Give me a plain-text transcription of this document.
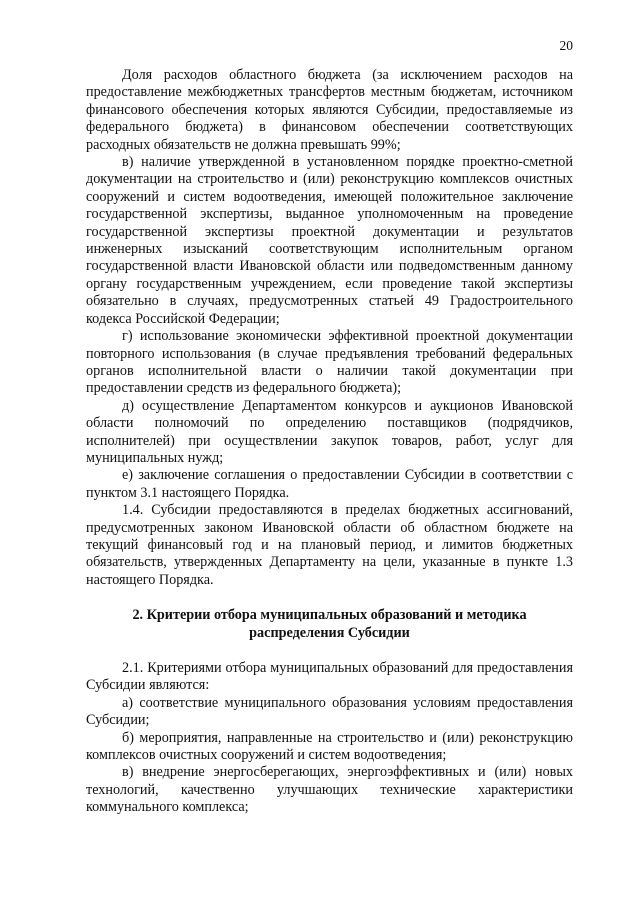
20

Доля расходов областного бюджета (за исключением расходов на предоставление межбюджетных трансфертов местным бюджетам, источником финансового обеспечения которых являются Субсидии, предоставляемые из федерального бюджета) в финансовом обеспечении соответствующих расходных обязательств не должна превышать 99%;

в) наличие утвержденной в установленном порядке проектно-сметной документации на строительство и (или) реконструкцию комплексов очистных сооружений и систем водоотведения, имеющей положительное заключение государственной экспертизы, выданное уполномоченным на проведение государственной экспертизы проектной документации и результатов инженерных изысканий соответствующим исполнительным органом государственной власти Ивановской области или подведомственным данному органу государственным учреждением, если проведение такой экспертизы обязательно в случаях, предусмотренных статьей 49 Градостроительного кодекса Российской Федерации;

г) использование экономически эффективной проектной документации повторного использования (в случае предъявления требований федеральных органов исполнительной власти о наличии такой документации при предоставлении средств из федерального бюджета);

д) осуществление Департаментом конкурсов и аукционов Ивановской области полномочий по определению поставщиков (подрядчиков, исполнителей) при осуществлении закупок товаров, работ, услуг для муниципальных нужд;

е) заключение соглашения о предоставлении Субсидии в соответствии с пунктом 3.1 настоящего Порядка.

1.4. Субсидии предоставляются в пределах бюджетных ассигнований, предусмотренных законом Ивановской области об областном бюджете на текущий финансовый год и на плановый период, и лимитов бюджетных обязательств, утвержденных Департаменту на цели, указанные в пункте 1.3 настоящего Порядка.

2. Критерии отбора муниципальных образований и методика распределения Субсидии

2.1. Критериями отбора муниципальных образований для предоставления Субсидии являются:

а) соответствие муниципального образования условиям предоставления Субсидии;

б) мероприятия, направленные на строительство и (или) реконструкцию комплексов очистных сооружений и систем водоотведения;

в) внедрение энергосберегающих, энергоэффективных и (или) новых технологий, качественно улучшающих технические характеристики коммунального комплекса;
